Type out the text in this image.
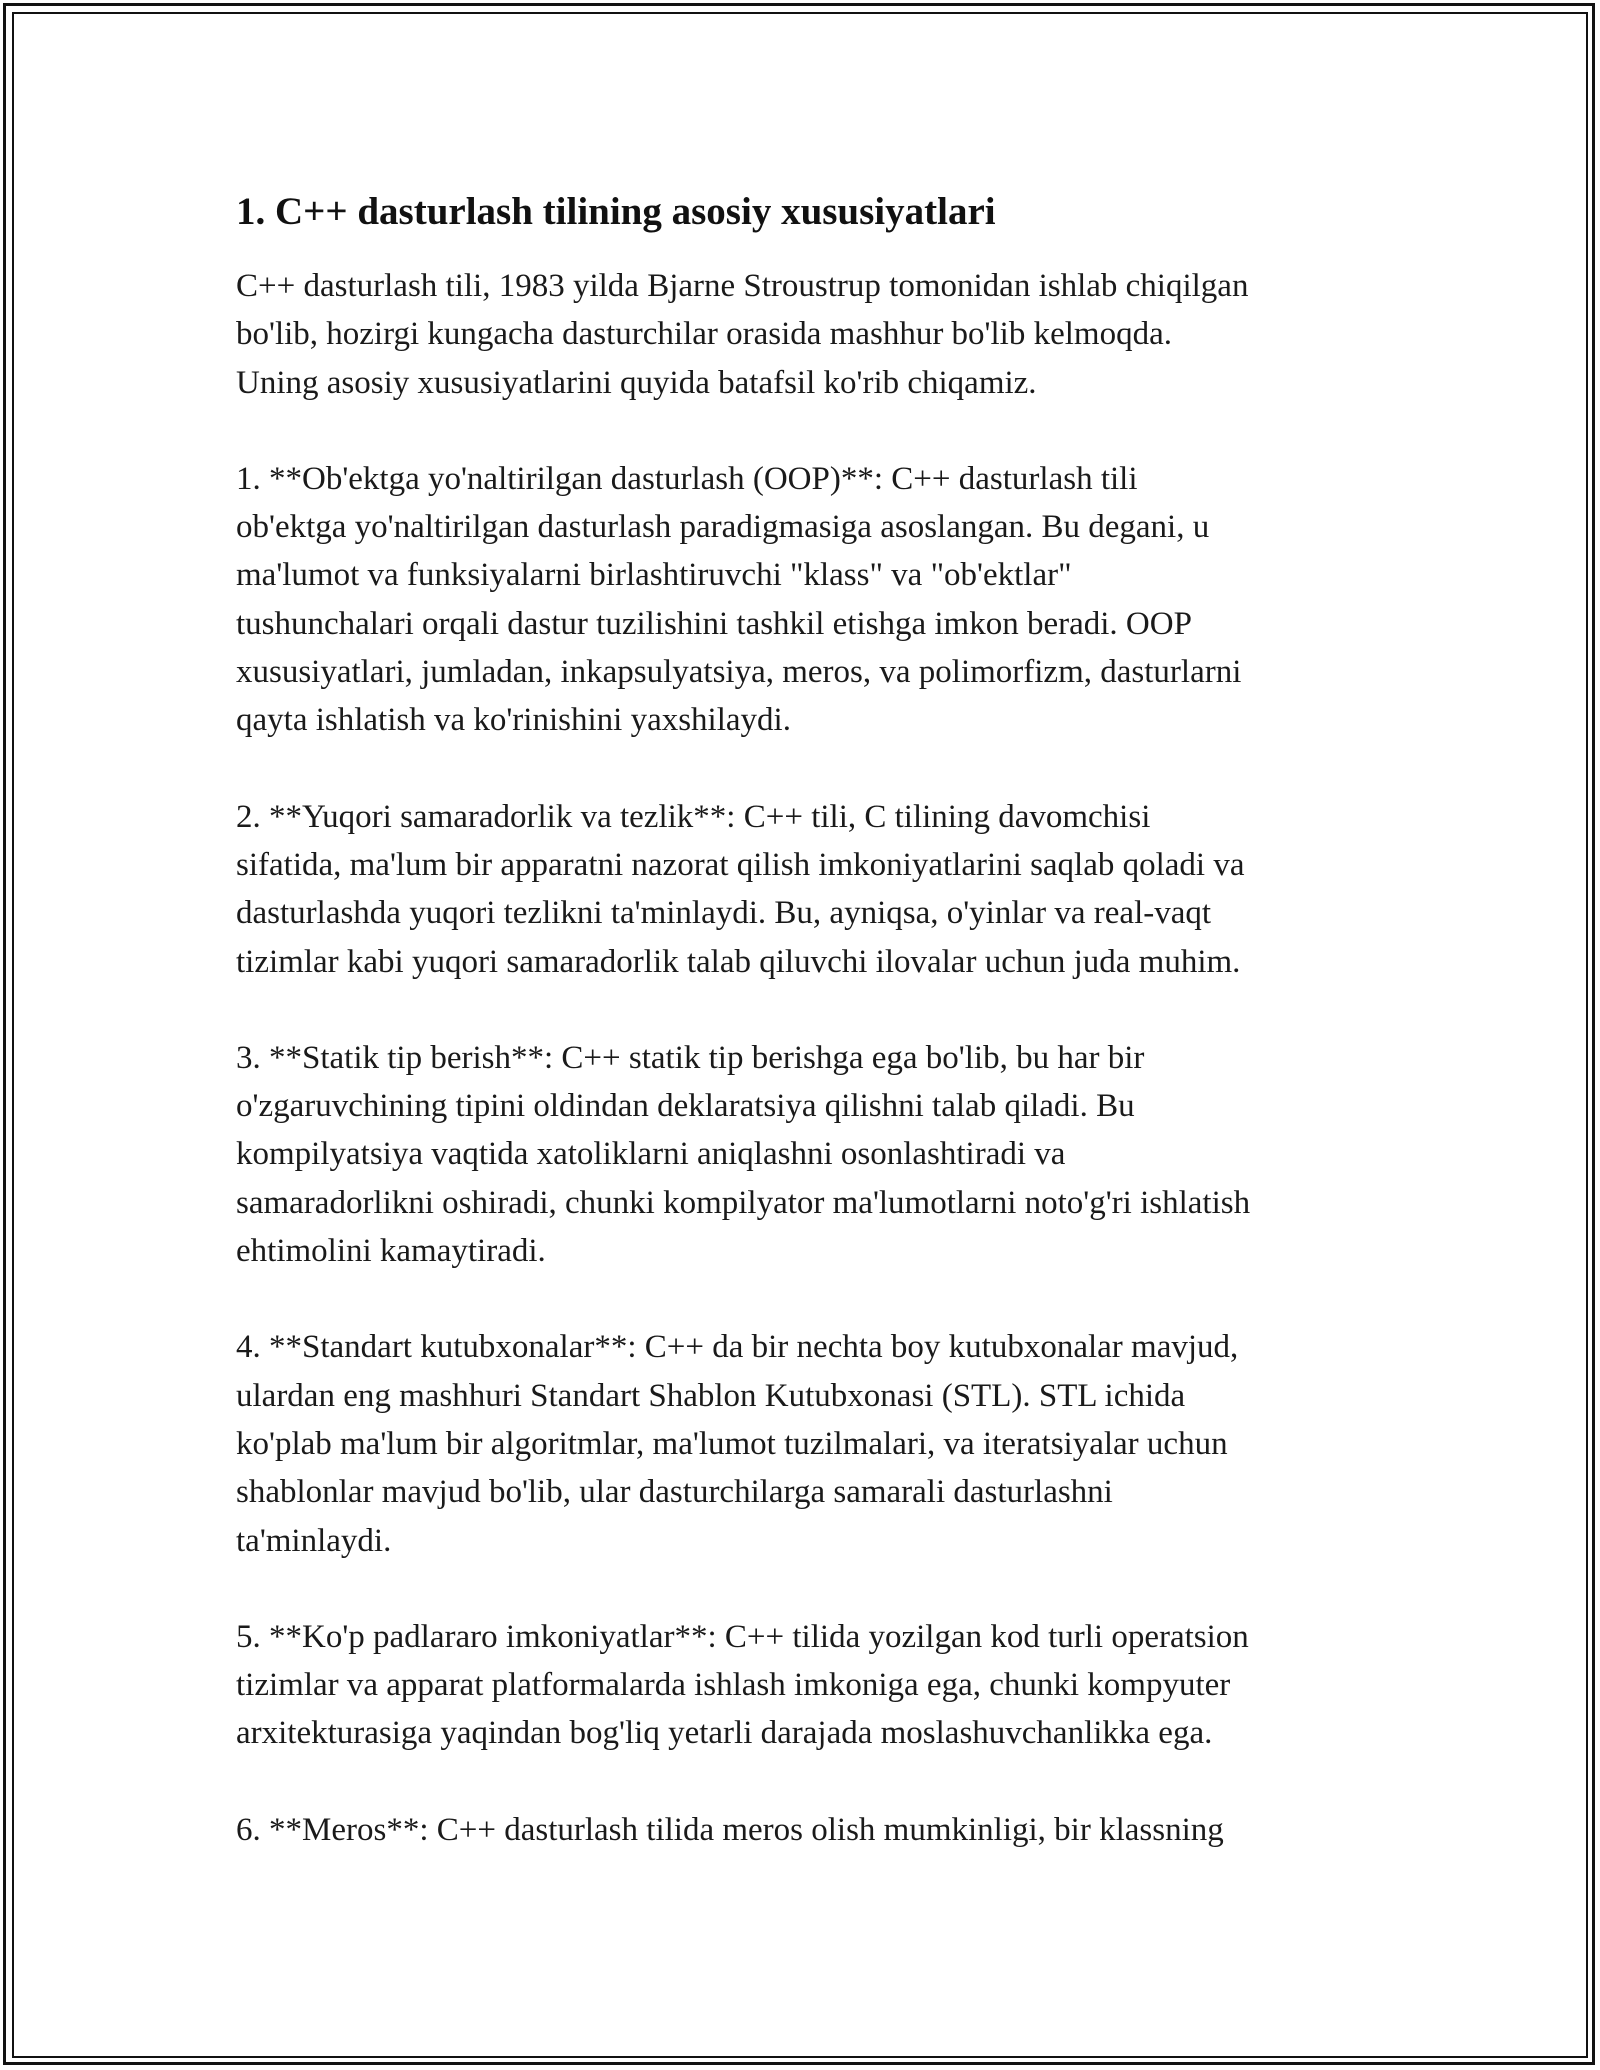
1. C++ dasturlash tilining asosiy xususiyatlari

C++ dasturlash tili, 1983 yilda Bjarne Stroustrup tomonidan ishlab chiqilgan
bo'lib, hozirgi kungacha dasturchilar orasida mashhur bo'lib kelmoqda.
Uning asosiy xususiyatlarini quyida batafsil ko'rib chiqamiz.

1. **Ob'ektga yo'naltirilgan dasturlash (OOP)**: C++ dasturlash tili
ob'ektga yo'naltirilgan dasturlash paradigmasiga asoslangan. Bu degani, u
ma'lumot va funksiyalarni birlashtiruvchi "klass" va "ob'ektlar"
tushunchalari orqali dastur tuzilishini tashkil etishga imkon beradi. OOP
xususiyatlari, jumladan, inkapsulyatsiya, meros, va polimorfizm, dasturlarni
qayta ishlatish va ko'rinishini yaxshilaydi.

2. **Yuqori samaradorlik va tezlik**: C++ tili, C tilining davomchisi
sifatida, ma'lum bir apparatni nazorat qilish imkoniyatlarini saqlab qoladi va
dasturlashda yuqori tezlikni ta'minlaydi. Bu, ayniqsa, o'yinlar va real-vaqt
tizimlar kabi yuqori samaradorlik talab qiluvchi ilovalar uchun juda muhim.

3. **Statik tip berish**: C++ statik tip berishga ega bo'lib, bu har bir
o'zgaruvchining tipini oldindan deklaratsiya qilishni talab qiladi. Bu
kompilyatsiya vaqtida xatoliklarni aniqlashni osonlashtiradi va
samaradorlikni oshiradi, chunki kompilyator ma'lumotlarni noto'g'ri ishlatish
ehtimolini kamaytiradi.

4. **Standart kutubxonalar**: C++ da bir nechta boy kutubxonalar mavjud,
ulardan eng mashhuri Standart Shablon Kutubxonasi (STL). STL ichida
ko'plab ma'lum bir algoritmlar, ma'lumot tuzilmalari, va iteratsiyalar uchun
shablonlar mavjud bo'lib, ular dasturchilarga samarali dasturlashni
ta'minlaydi.

5. **Ko'p padlararo imkoniyatlar**: C++ tilida yozilgan kod turli operatsion
tizimlar va apparat platformalarda ishlash imkoniga ega, chunki kompyuter
arxitekturasiga yaqindan bog'liq yetarli darajada moslashuvchanlikka ega.

6. **Meros**: C++ dasturlash tilida meros olish mumkinligi, bir klassning
